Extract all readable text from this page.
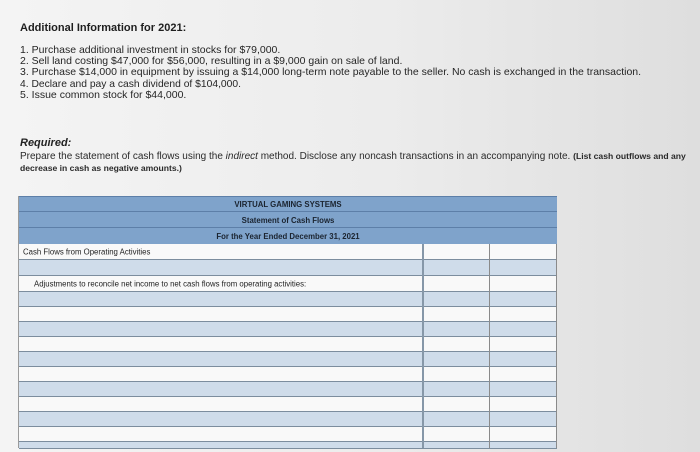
Additional Information for 2021:
1. Purchase additional investment in stocks for $79,000.
2. Sell land costing $47,000 for $56,000, resulting in a $9,000 gain on sale of land.
3. Purchase $14,000 in equipment by issuing a $14,000 long-term note payable to the seller. No cash is exchanged in the transaction.
4. Declare and pay a cash dividend of $104,000.
5. Issue common stock for $44,000.
Required:
Prepare the statement of cash flows using the indirect method. Disclose any noncash transactions in an accompanying note. (List cash outflows and any decrease in cash as negative amounts.)
VIRTUAL GAMING SYSTEMS
Statement of Cash Flows
For the Year Ended December 31, 2021
Cash Flows from Operating Activities
Adjustments to reconcile net income to net cash flows from operating activities:
